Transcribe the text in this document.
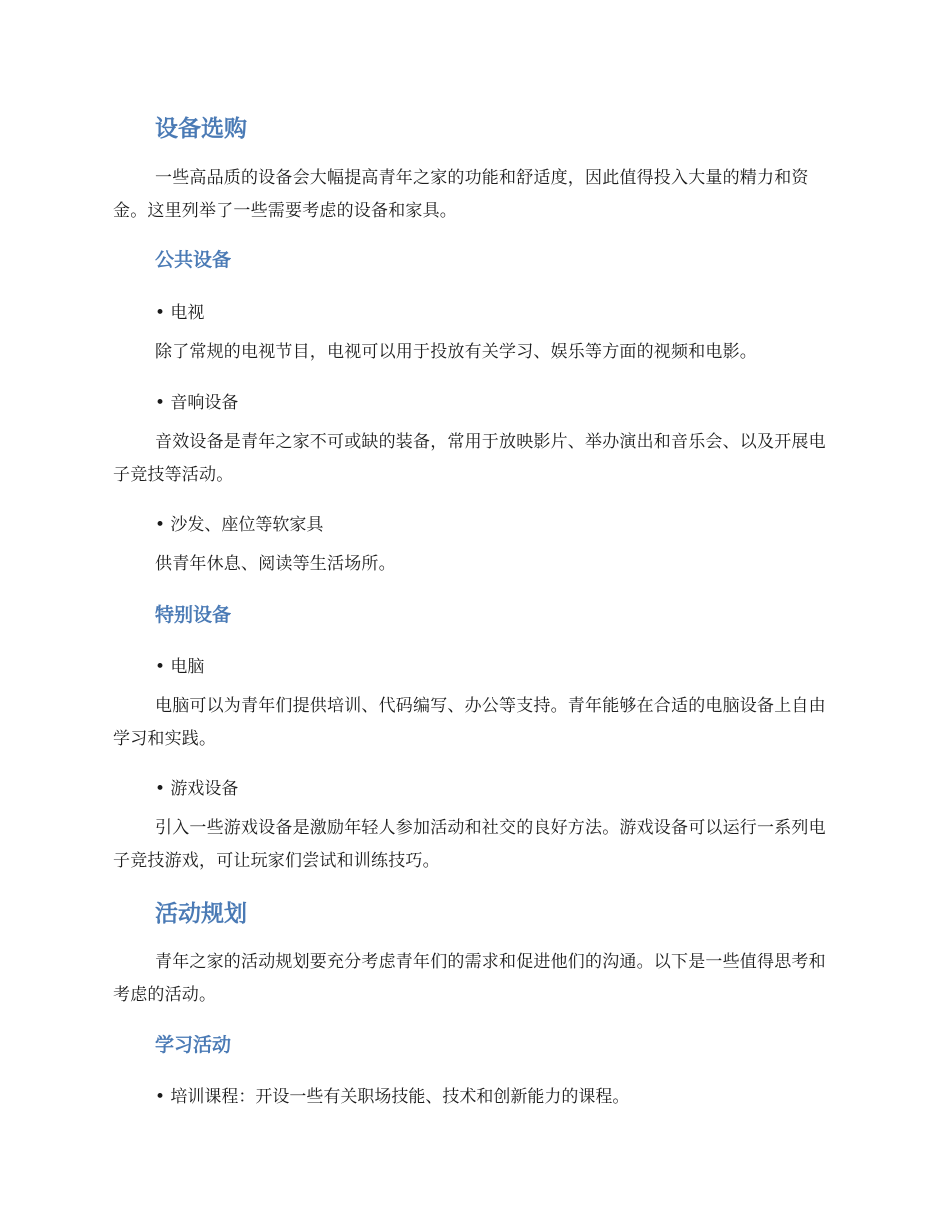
设备选购

一些高品质的设备会大幅提高青年之家的功能和舒适度，因此值得投入大量的精力和资金。这里列举了一些需要考虑的设备和家具。

公共设备
• 电视

除了常规的电视节目，电视可以用于投放有关学习、娱乐等方面的视频和电影。

• 音响设备

音效设备是青年之家不可或缺的装备，常用于放映影片、举办演出和音乐会、以及开展电子竞技等活动。

• 沙发、座位等软家具

供青年休息、阅读等生活场所。

特别设备
• 电脑

电脑可以为青年们提供培训、代码编写、办公等支持。青年能够在合适的电脑设备上自由学习和实践。

• 游戏设备

引入一些游戏设备是激励年轻人参加活动和社交的良好方法。游戏设备可以运行一系列电子竞技游戏，可让玩家们尝试和训练技巧。

活动规划

青年之家的活动规划要充分考虑青年们的需求和促进他们的沟通。以下是一些值得思考和考虑的活动。

学习活动
• 培训课程：开设一些有关职场技能、技术和创新能力的课程。
